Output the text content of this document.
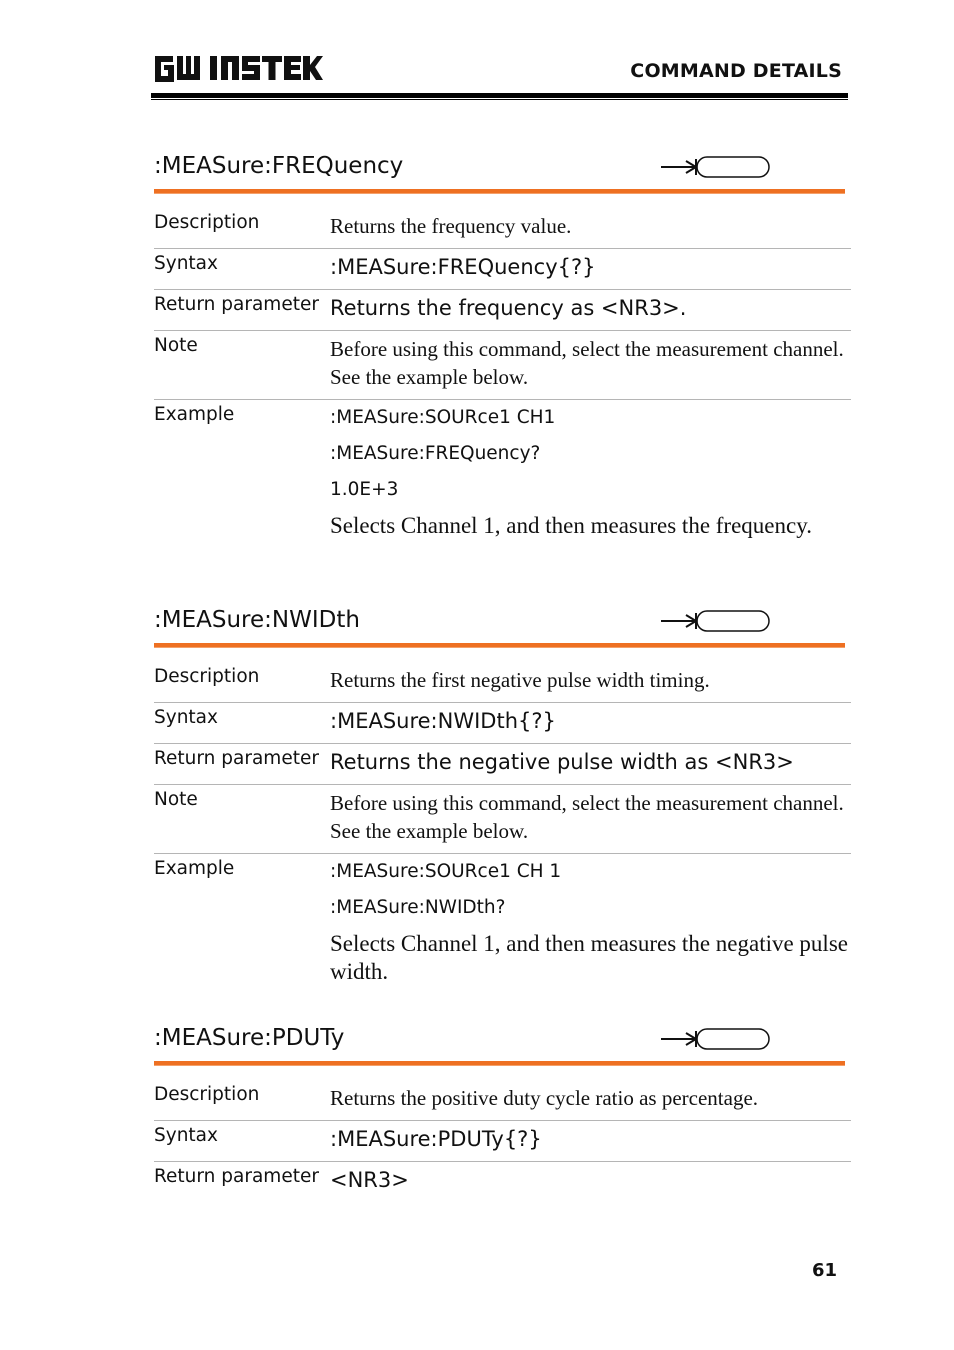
COMMAND DETAILS
:MEASure:FREQuency
Description	Returns the frequency value.
Syntax	:MEASure:FREQuency{?}
Return parameter	Returns the frequency as <NR3>.
Note	Before using this command, select the measurement channel. See the example below.
Example	:MEASure:SOURce1 CH1
:MEASure:FREQuency?
1.0E+3
Selects Channel 1, and then measures the frequency.
:MEASure:NWIDth
Description	Returns the first negative pulse width timing.
Syntax	:MEASure:NWIDth{?}
Return parameter	Returns the negative pulse width as <NR3>
Note	Before using this command, select the measurement channel. See the example below.
Example	:MEASure:SOURce1 CH 1
:MEASure:NWIDth?
Selects Channel 1, and then measures the negative pulse width.
:MEASure:PDUTy
Description	Returns the positive duty cycle ratio as percentage.
Syntax	:MEASure:PDUTy{?}
Return parameter	<NR3>
61
